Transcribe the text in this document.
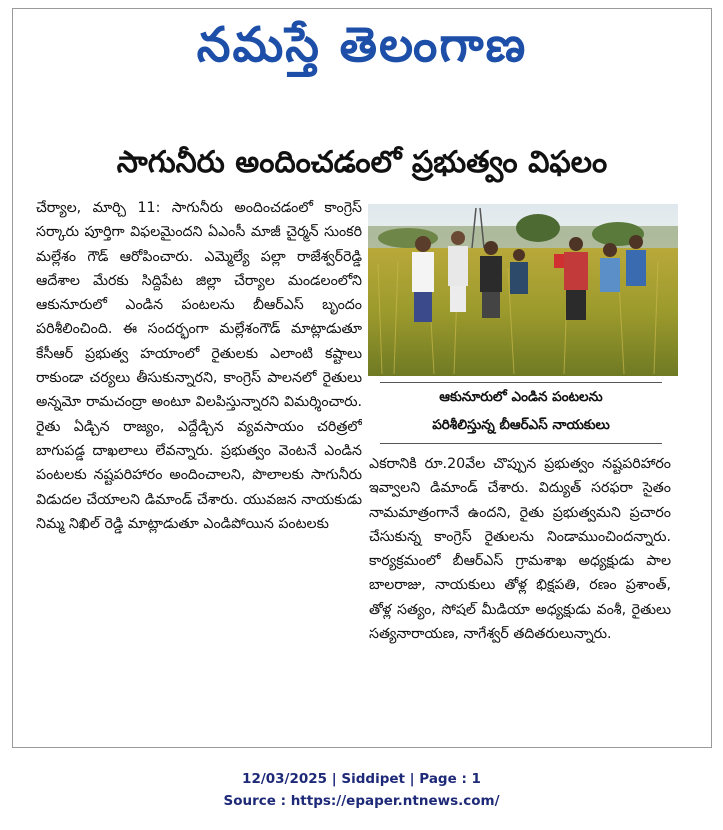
నమస్తే తెలంగాణ
సాగునీరు అందించడంలో ప్రభుత్వం విఫలం

చేర్యాల, మార్చి 11: సాగునీరు అందించడంలో కాంగ్రెస్ సర్కారు పూర్తిగా విఫలమైందని ఏఎంసీ మాజీ చైర్మన్ సుంకరి మల్లేశం గౌడ్ ఆరోపించారు. ఎమ్మెల్యే పల్లా రాజేశ్వర్‌రెడ్డి ఆదేశాల మేరకు సిద్దిపేట జిల్లా చేర్యాల మండలంలోని ఆకునూరులో ఎండిన పంటలను బీఆర్‌ఎస్ బృందం పరిశీలించింది. ఈ సందర్భంగా మల్లేశంగౌడ్ మాట్లాడుతూ కేసీఆర్ ప్రభుత్వ హయాంలో రైతులకు ఎలాంటి కష్టాలు రాకుండా చర్యలు తీసుకున్నారని, కాంగ్రెస్ పాలనలో రైతులు అన్నమో రామచంద్రా అంటూ విలపిస్తున్నారని విమర్శించారు. రైతు ఏడ్చిన రాజ్యం, ఎద్దేడ్చిన వ్యవసాయం చరిత్రలో బాగుపడ్డ దాఖలాలు లేవన్నారు. ప్రభుత్వం వెంటనే ఎండిన పంటలకు నష్టపరిహారం అందించాలని, పొలాలకు సాగునీరు విడుదల చేయాలని డిమాండ్ చేశారు. యువజన నాయకుడు నిమ్మ నిఖిల్ రెడ్డి మాట్లాడుతూ ఎండిపోయిన పంటలకు

ఆకునూరులో ఎండిన పంటలను
పరిశీలిస్తున్న బీఆర్‌ఎస్ నాయకులు

ఎకరానికి రూ.20వేల చొప్పున ప్రభుత్వం నష్టపరిహారం ఇవ్వాలని డిమాండ్ చేశారు. విద్యుత్ సరఫరా సైతం నామమాత్రంగానే ఉందని, రైతు ప్రభుత్వమని ప్రచారం చేసుకున్న కాంగ్రెస్ రైతులను నిండాముంచిందన్నారు. కార్యక్రమంలో బీఆర్‌ఎస్ గ్రామశాఖ అధ్యక్షుడు పాల బాలరాజు, నాయకులు తోళ్ల భిక్షపతి, రణం ప్రశాంత్, తోళ్ల సత్యం, సోషల్ మీడియా అధ్యక్షుడు వంశీ, రైతులు సత్యనారాయణ, నాగేశ్వర్ తదితరులున్నారు.

12/03/2025 | Siddipet | Page : 1
Source : https://epaper.ntnews.com/
